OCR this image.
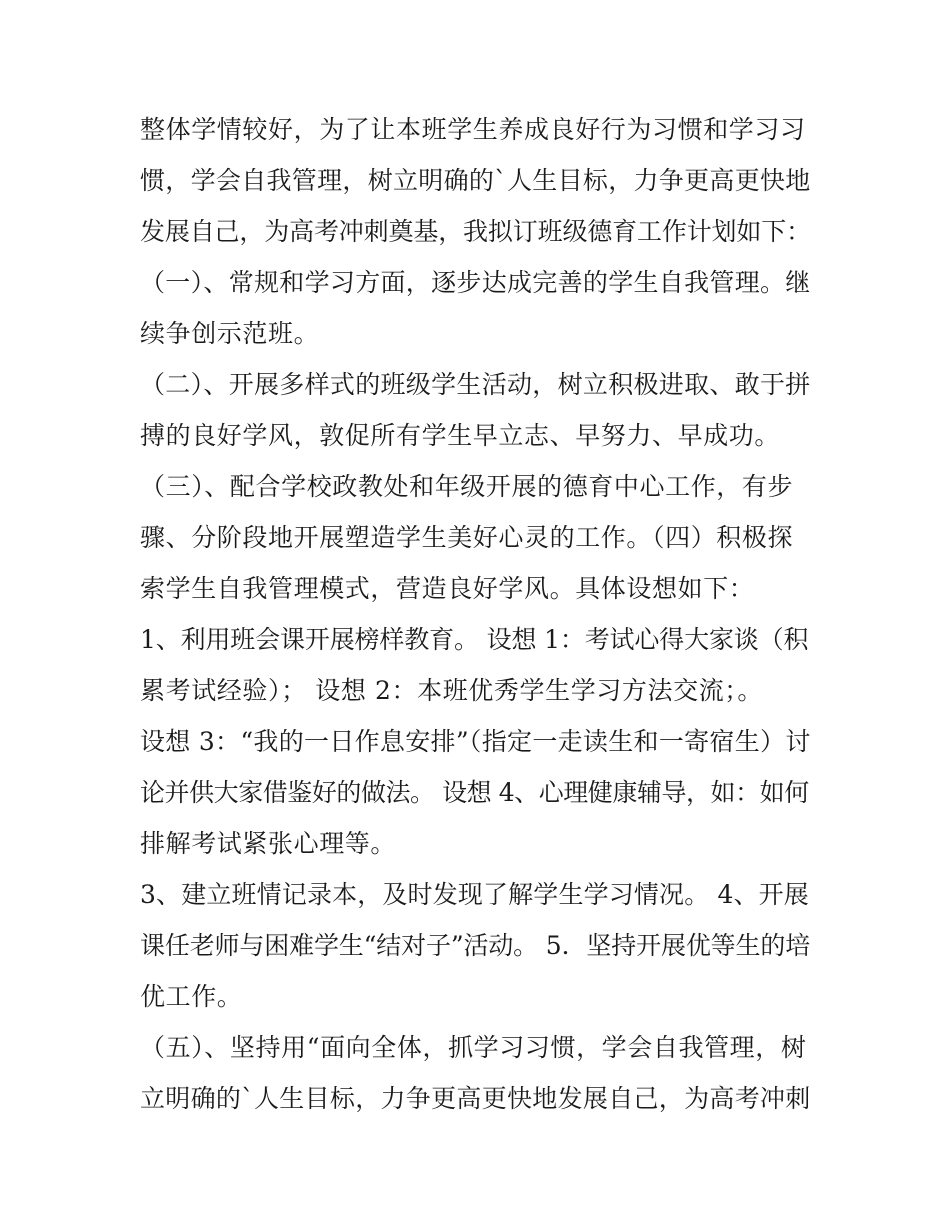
整体学情较好，为了让本班学生养成良好行为习惯和学习习
惯，学会自我管理，树立明确的`人生目标，力争更高更快地
发展自己，为高考冲刺奠基，我拟订班级德育工作计划如下：
（一）、常规和学习方面，逐步达成完善的学生自我管理。继
续争创示范班。
（二）、开展多样式的班级学生活动，树立积极进取、敢于拼
搏的良好学风，敦促所有学生早立志、早努力、早成功。
（三）、配合学校政教处和年级开展的德育中心工作，有步
骤、分阶段地开展塑造学生美好心灵的工作。（四）积极探
索学生自我管理模式，营造良好学风。具体设想如下：
1、利用班会课开展榜样教育。 设想 1：考试心得大家谈（积
累考试经验）； 设想 2：本班优秀学生学习方法交流；。
设想 3：“我的一日作息安排”（指定一走读生和一寄宿生）讨
论并供大家借鉴好的做法。 设想 4、心理健康辅导，如：如何
排解考试紧张心理等。
3、建立班情记录本，及时发现了解学生学习情况。 4、开展
课任老师与困难学生“结对子”活动。 5．坚持开展优等生的培
优工作。
（五）、坚持用“面向全体，抓学习习惯，学会自我管理，树
立明确的`人生目标，力争更高更快地发展自己，为高考冲刺
